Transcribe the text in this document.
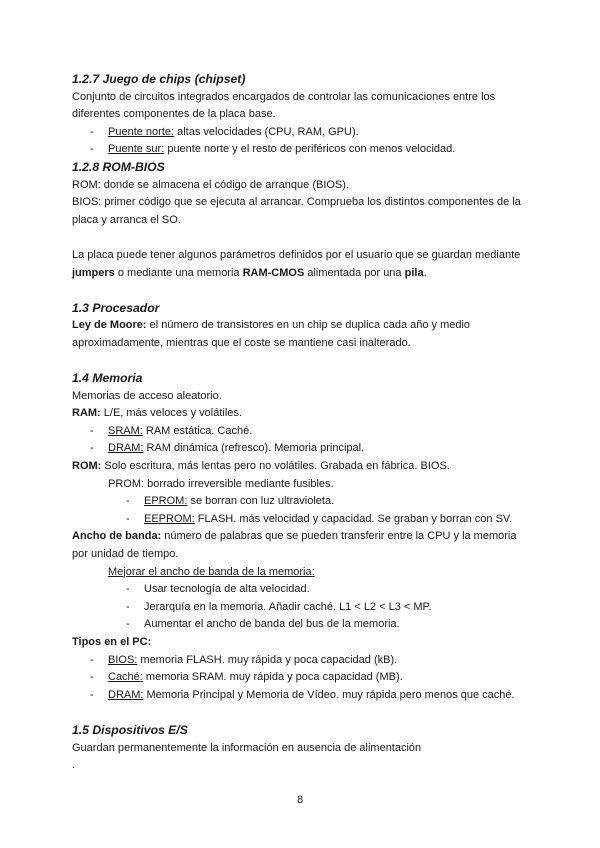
1.2.7 Juego de chips (chipset)

Conjunto de circuitos integrados encargados de controlar las comunicaciones entre los diferentes componentes de la placa base.

- Puente norte: altas velocidades (CPU, RAM, GPU).

- Puente sur: puente norte y el resto de periféricos con menos velocidad.

1.2.8 ROM-BIOS

ROM: donde se almacena el código de arranque (BIOS).

BIOS: primer código que se ejecuta al arrancar. Comprueba los distintos componentes de la placa y arranca el SO.

La placa puede tener algunos parámetros definidos por el usuario que se guardan mediante jumpers o mediante una memoria RAM-CMOS alimentada por una pila.

1.3 Procesador

Ley de Moore: el número de transistores en un chip se duplica cada año y medio aproximadamente, mientras que el coste se mantiene casi inalterado.

1.4 Memoria

Memorias de acceso aleatorio.

RAM: L/E, más veloces y volátiles.

- SRAM: RAM estática. Caché.

- DRAM: RAM dinámica (refresco). Memoria principal.

ROM: Solo escritura, más lentas pero no volátiles. Grabada en fábrica. BIOS.

PROM: borrado irreversible mediante fusibles.

- EPROM: se borran con luz ultravioleta.

- EEPROM: FLASH. más velocidad y capacidad. Se graban y borran con SV.

Ancho de banda: número de palabras que se pueden transferir entre la CPU y la memoria por unidad de tiempo.

Mejorar el ancho de banda de la memoria:

- Usar tecnología de alta velocidad.

- Jerarquía en la memoria. Añadir caché. L1 < L2 < L3 < MP.

- Aumentar el ancho de banda del bus de la memoria.

Tipos en el PC:

- BIOS: memoria FLASH. muy rápida y poca capacidad (kB).

- Caché: memoria SRAM. muy rápida y poca capacidad (MB).

- DRAM: Memoria Principal y Memoria de Vídeo. muy rápida pero menos que caché.

1.5 Dispositivos E/S

Guardan permanentemente la información en ausencia de alimentación

.

8
